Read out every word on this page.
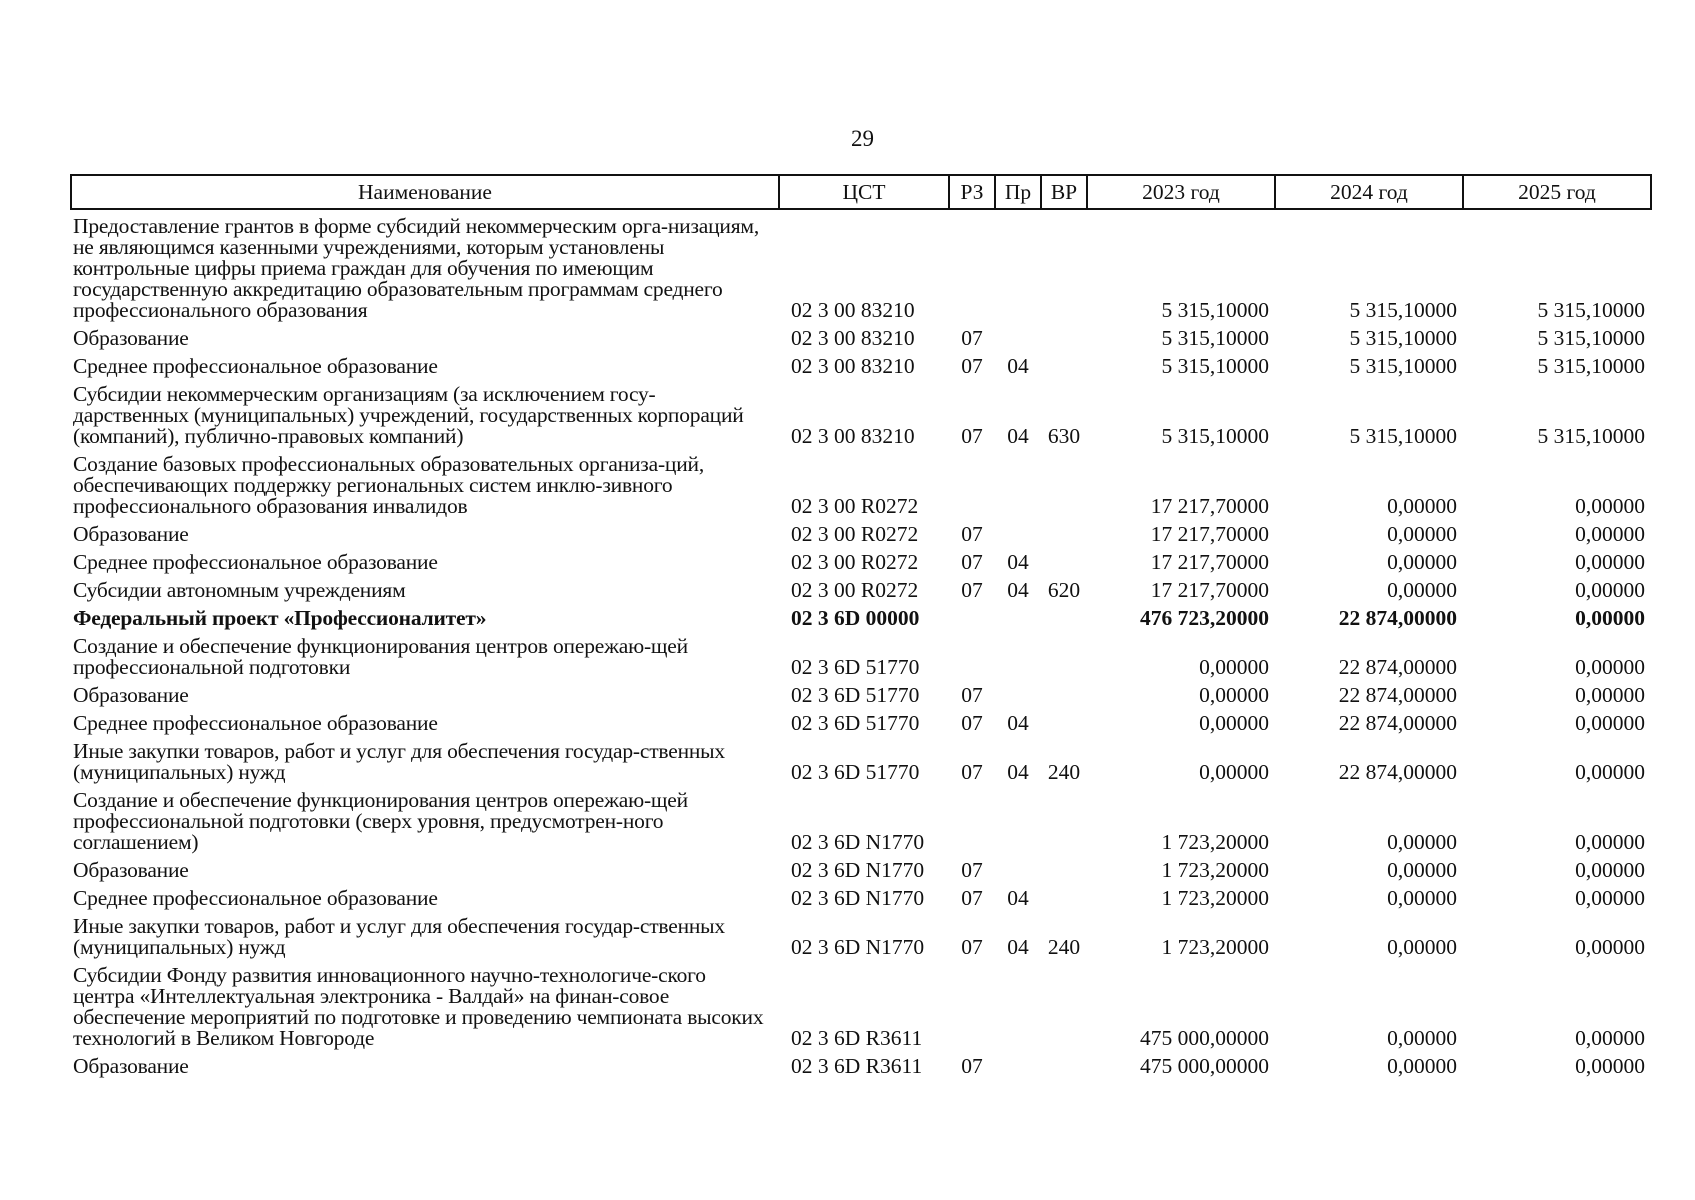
29
Наименование	ЦСТ	РЗ	Пр	ВР	2023 год	2024 год	2025 год
Предоставление грантов в форме субсидий некоммерческим орга-низациям, не являющимся казенными учреждениями, которым установлены контрольные цифры приема граждан для обучения по имеющим государственную аккредитацию образовательным программам среднего профессионального образования	02 3 00 83210				5 315,10000	5 315,10000	5 315,10000
Образование	02 3 00 83210	07			5 315,10000	5 315,10000	5 315,10000
Среднее профессиональное образование	02 3 00 83210	07	04		5 315,10000	5 315,10000	5 315,10000
Субсидии некоммерческим организациям (за исключением госу-дарственных (муниципальных) учреждений, государственных корпораций (компаний), публично-правовых компаний)	02 3 00 83210	07	04	630	5 315,10000	5 315,10000	5 315,10000
Создание базовых профессиональных образовательных организа-ций, обеспечивающих поддержку региональных систем инклю-зивного профессионального образования инвалидов	02 3 00 R0272				17 217,70000	0,00000	0,00000
Образование	02 3 00 R0272	07			17 217,70000	0,00000	0,00000
Среднее профессиональное образование	02 3 00 R0272	07	04		17 217,70000	0,00000	0,00000
Субсидии автономным учреждениям	02 3 00 R0272	07	04	620	17 217,70000	0,00000	0,00000
Федеральный проект «Профессионалитет»	02 3 6D 00000				476 723,20000	22 874,00000	0,00000
Создание и обеспечение функционирования центров опережаю-щей профессиональной подготовки	02 3 6D 51770				0,00000	22 874,00000	0,00000
Образование	02 3 6D 51770	07			0,00000	22 874,00000	0,00000
Среднее профессиональное образование	02 3 6D 51770	07	04		0,00000	22 874,00000	0,00000
Иные закупки товаров, работ и услуг для обеспечения государ-ственных (муниципальных) нужд	02 3 6D 51770	07	04	240	0,00000	22 874,00000	0,00000
Создание и обеспечение функционирования центров опережаю-щей профессиональной подготовки (сверх уровня, предусмотрен-ного соглашением)	02 3 6D N1770				1 723,20000	0,00000	0,00000
Образование	02 3 6D N1770	07			1 723,20000	0,00000	0,00000
Среднее профессиональное образование	02 3 6D N1770	07	04		1 723,20000	0,00000	0,00000
Иные закупки товаров, работ и услуг для обеспечения государ-ственных (муниципальных) нужд	02 3 6D N1770	07	04	240	1 723,20000	0,00000	0,00000
Субсидии Фонду развития инновационного научно-технологиче-ского центра «Интеллектуальная электроника - Валдай» на финан-совое обеспечение мероприятий по подготовке и проведению чемпионата высоких технологий в Великом Новгороде	02 3 6D R3611				475 000,00000	0,00000	0,00000
Образование	02 3 6D R3611	07			475 000,00000	0,00000	0,00000
